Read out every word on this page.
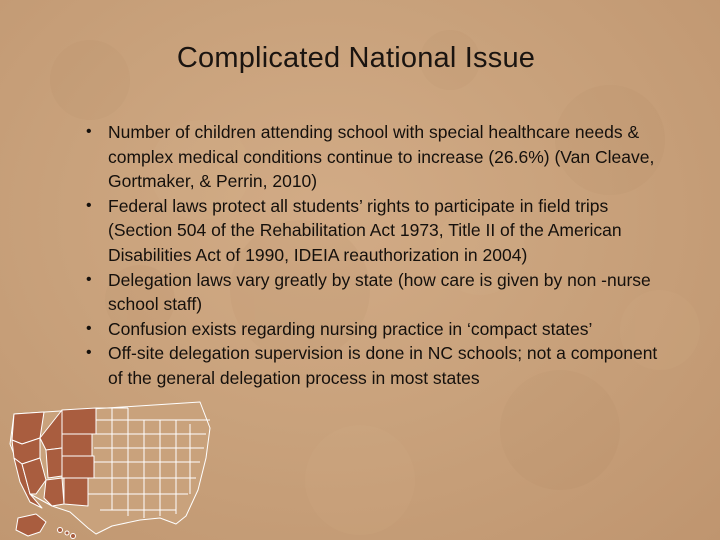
Complicated National Issue
• Number of children attending school with special healthcare needs & complex medical conditions continue to increase (26.6%) (Van Cleave, Gortmaker, & Perrin, 2010)
• Federal laws protect all students’ rights to participate in field trips (Section 504 of the Rehabilitation Act 1973, Title II of the American Disabilities Act of 1990, IDEIA reauthorization in 2004)
• Delegation laws vary greatly by state (how care is given by non -nurse school staff)
• Confusion exists regarding nursing practice in ‘compact states’
• Off-site delegation supervision is done in NC schools; not a component of the general delegation process in most states
